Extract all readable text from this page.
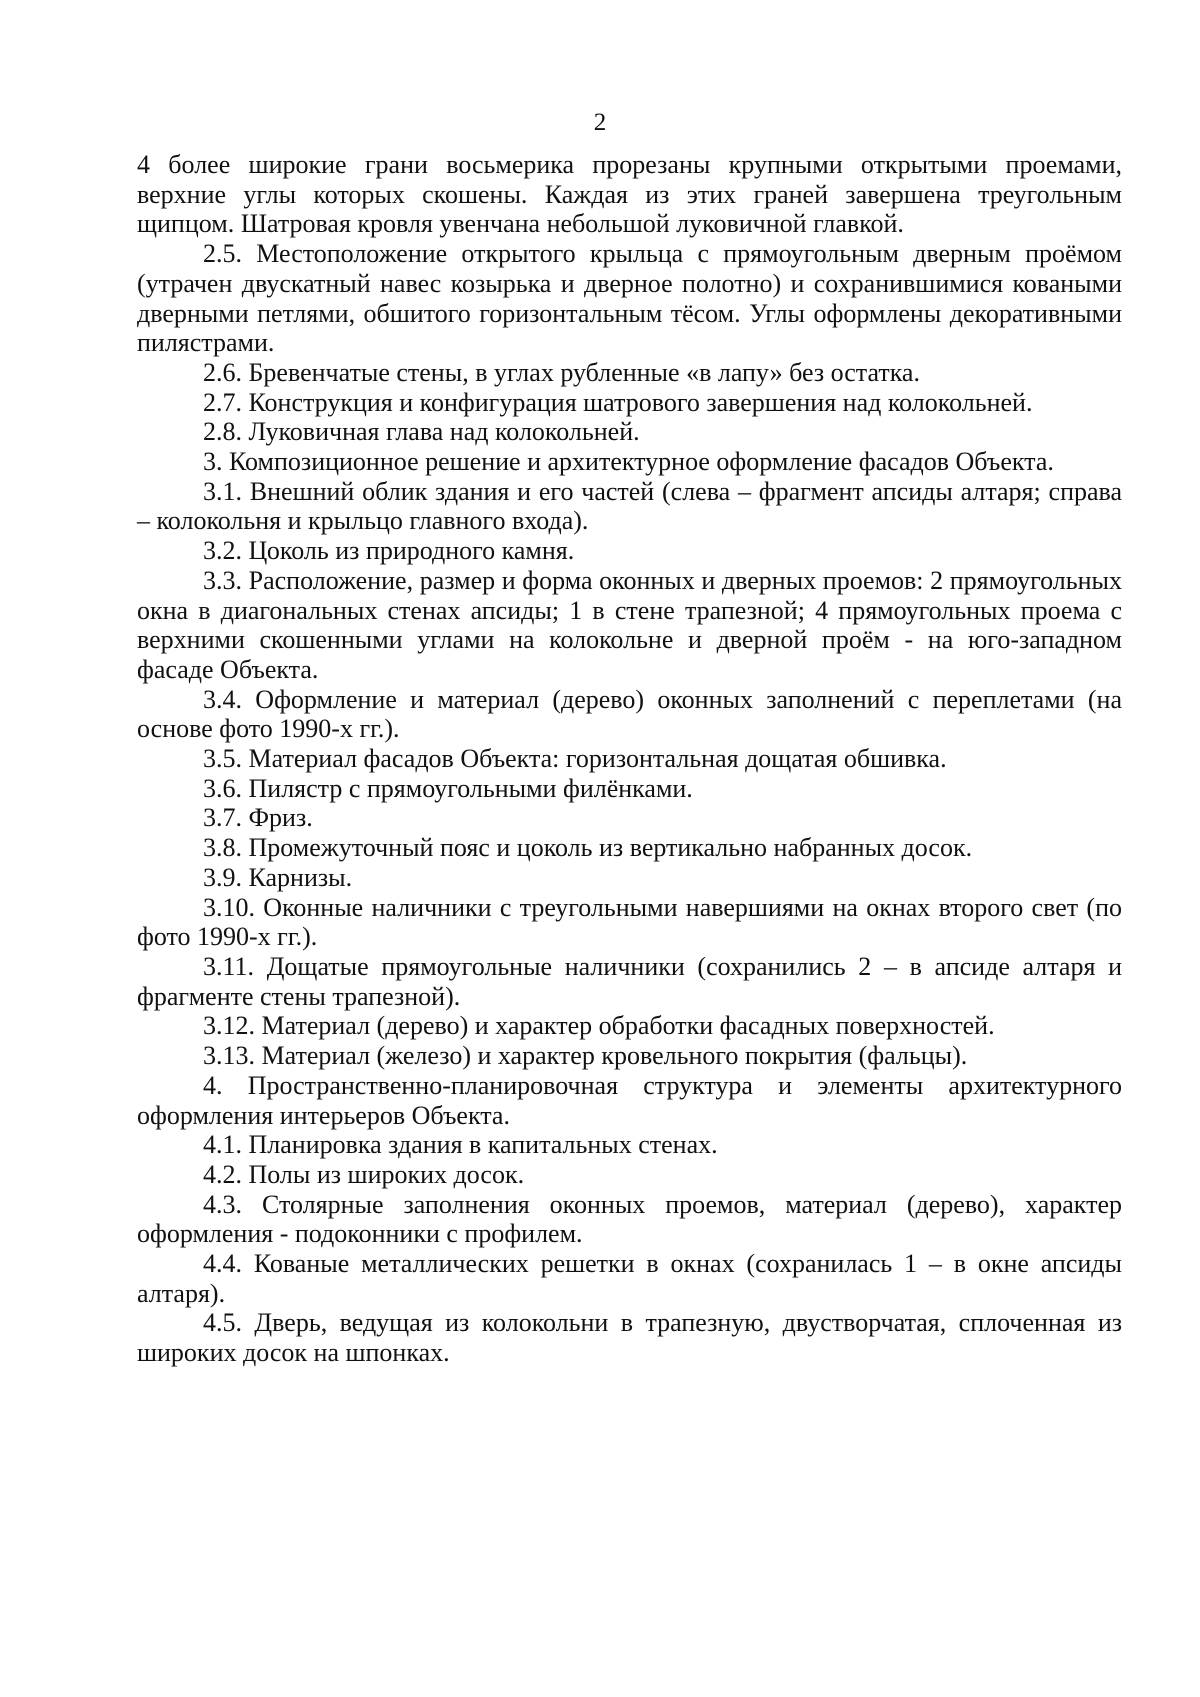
2

4 более широкие грани восьмерика прорезаны крупными открытыми проемами, верхние углы которых скошены. Каждая из этих граней завершена треугольным щипцом. Шатровая кровля увенчана небольшой луковичной главкой.

2.5. Местоположение открытого крыльца с прямоугольным дверным проёмом (утрачен двускатный навес козырька и дверное полотно) и сохранившимися коваными дверными петлями, обшитого горизонтальным тёсом. Углы оформлены декоративными пилястрами.

2.6. Бревенчатые стены, в углах рубленные «в лапу» без остатка.

2.7. Конструкция и конфигурация шатрового завершения над колокольней.

2.8. Луковичная глава над колокольней.

3. Композиционное решение и архитектурное оформление фасадов Объекта.

3.1. Внешний облик здания и его частей (слева – фрагмент апсиды алтаря; справа – колокольня и крыльцо главного входа).

3.2. Цоколь из природного камня.

3.3. Расположение, размер и форма оконных и дверных проемов: 2 прямоугольных окна в диагональных стенах апсиды; 1 в стене трапезной; 4 прямоугольных проема с верхними скошенными углами на колокольне и дверной проём - на юго-западном фасаде Объекта.

3.4. Оформление и материал (дерево) оконных заполнений с переплетами (на основе фото 1990-х гг.).

3.5. Материал фасадов Объекта: горизонтальная дощатая обшивка.

3.6. Пилястр с прямоугольными филёнками.

3.7. Фриз.

3.8. Промежуточный пояс и цоколь из вертикально набранных досок.

3.9. Карнизы.

3.10. Оконные наличники с треугольными навершиями на окнах второго свет (по фото 1990-х гг.).

3.11. Дощатые прямоугольные наличники (сохранились 2 – в апсиде алтаря и фрагменте стены трапезной).

3.12. Материал (дерево) и характер обработки фасадных поверхностей.

3.13. Материал (железо) и характер кровельного покрытия (фальцы).

4. Пространственно-планировочная структура и элементы архитектурного оформления интерьеров Объекта.

4.1. Планировка здания в капитальных стенах.

4.2. Полы из широких досок.

4.3. Столярные заполнения оконных проемов, материал (дерево), характер оформления - подоконники с профилем.

4.4. Кованые металлических решетки в окнах (сохранилась 1 – в окне апсиды алтаря).

4.5. Дверь, ведущая из колокольни в трапезную, двустворчатая, сплоченная из широких досок на шпонках.
